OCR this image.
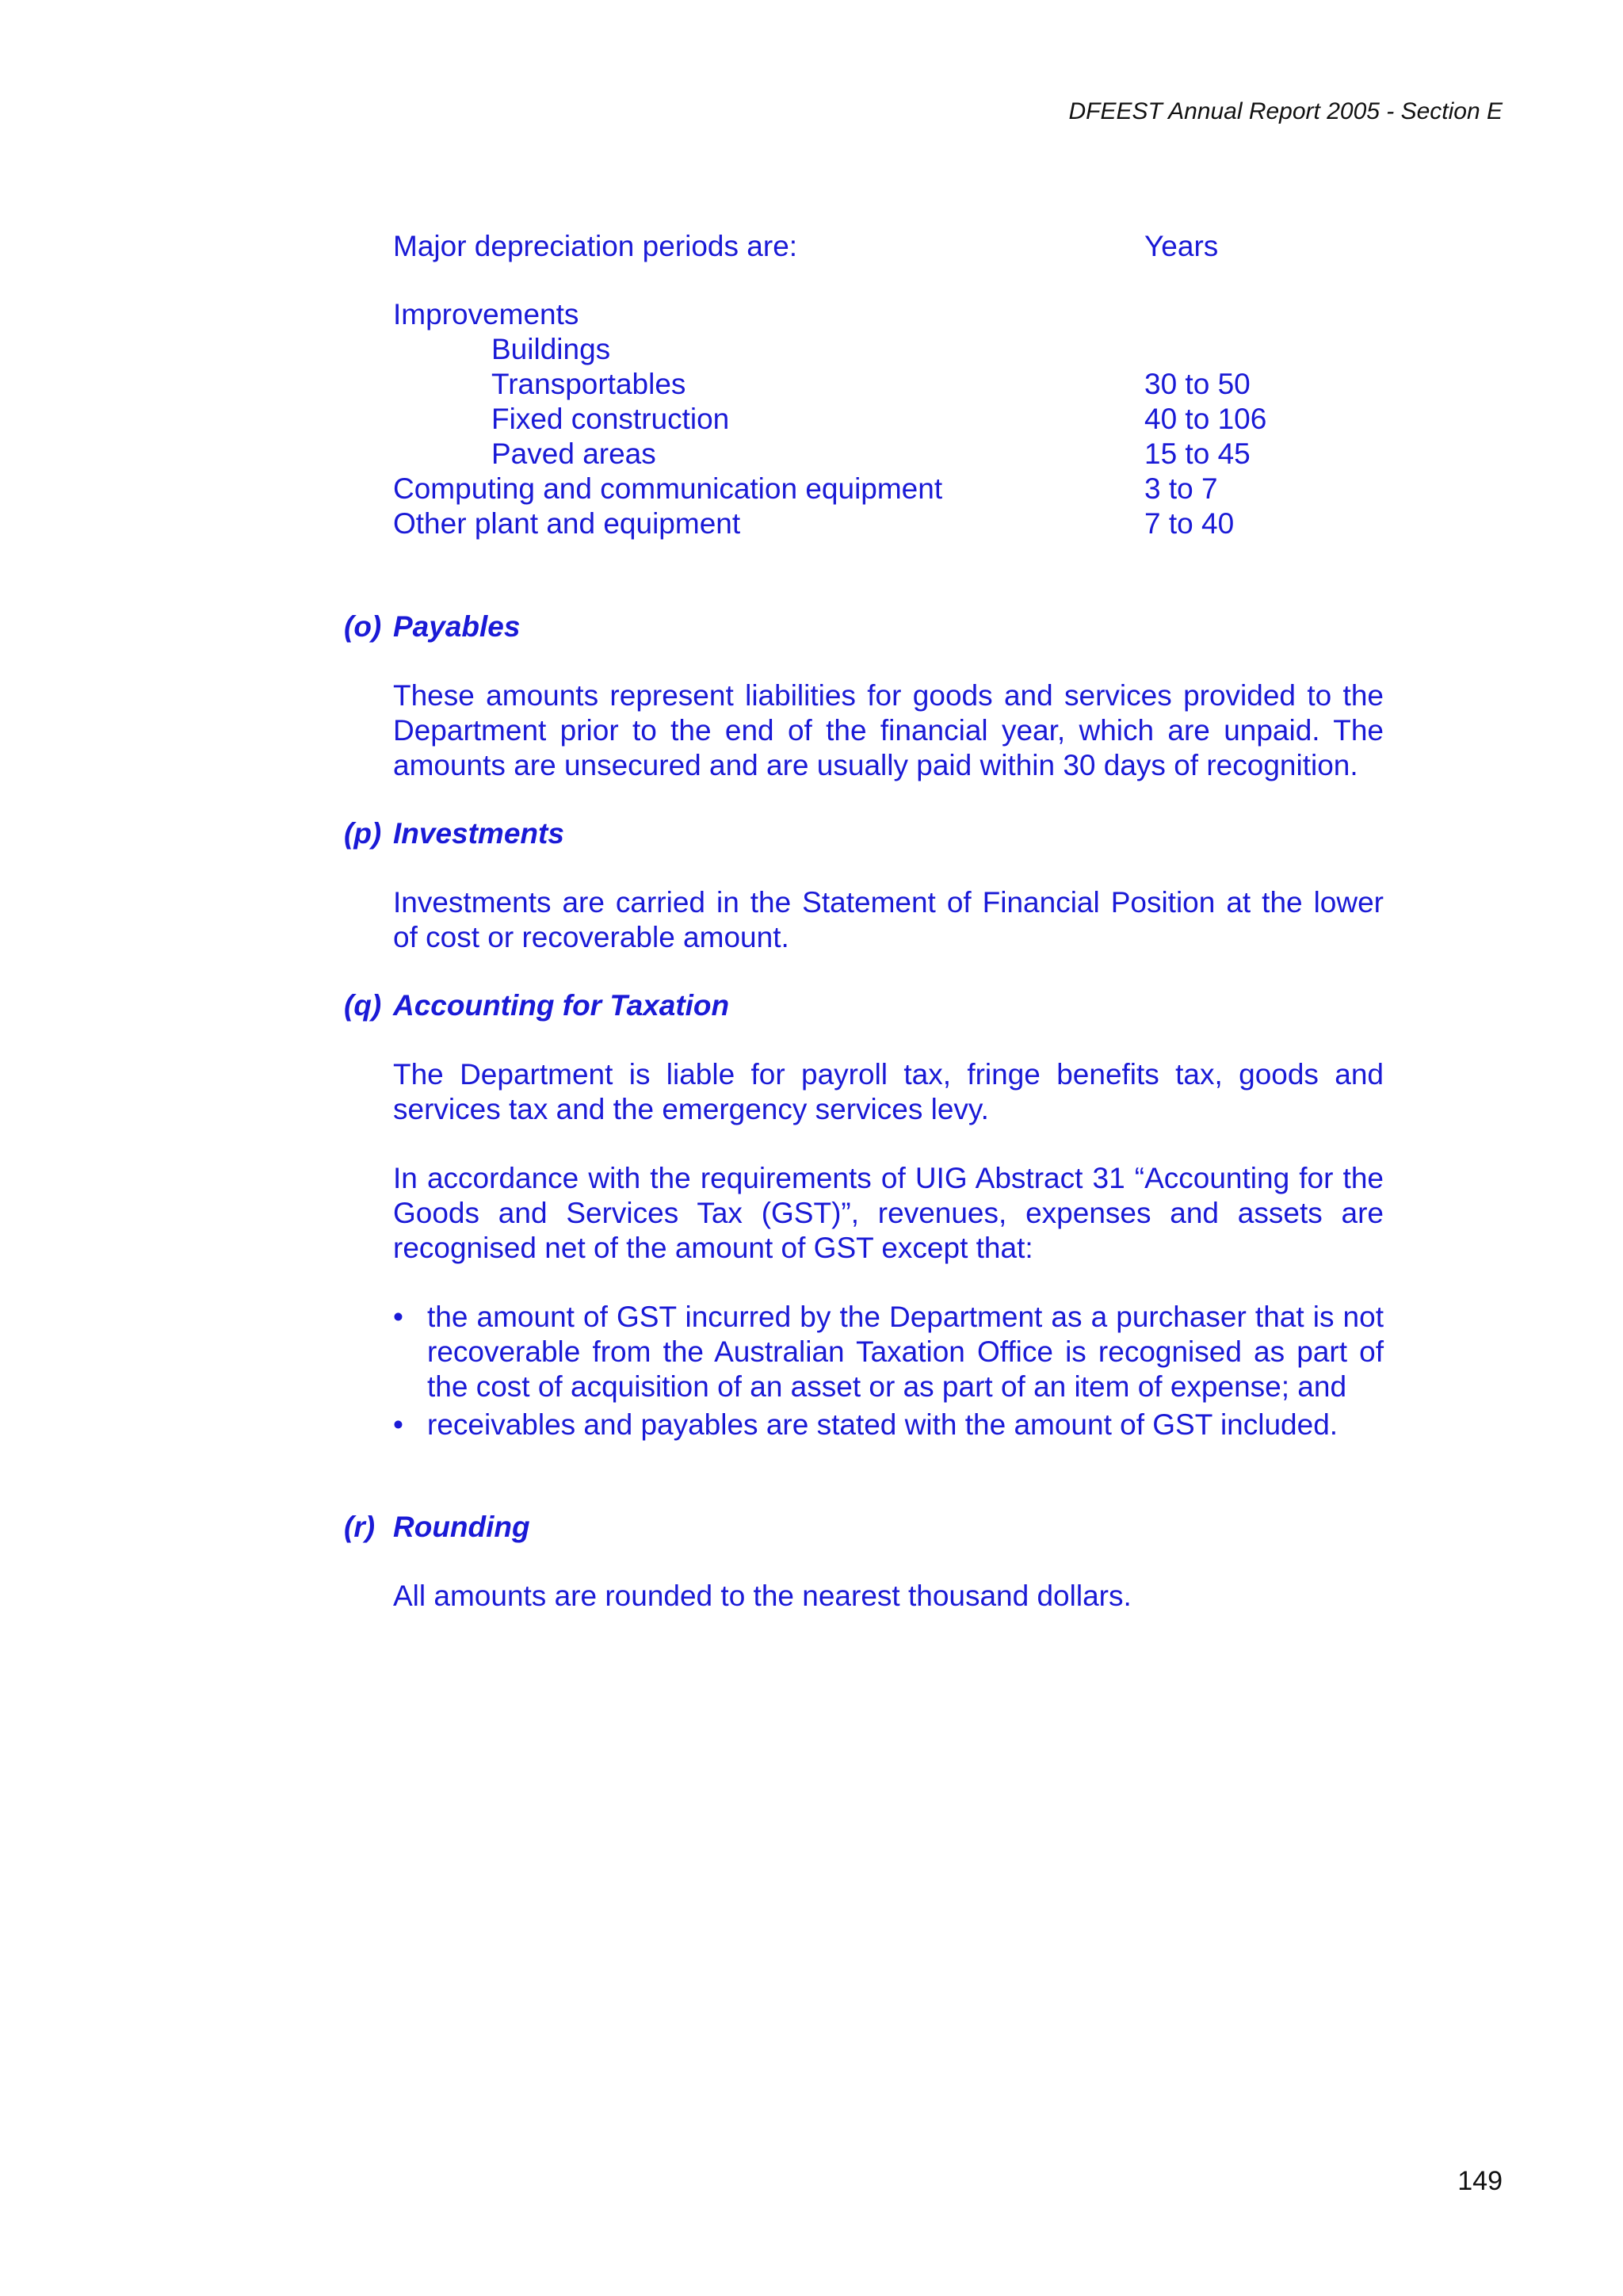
DFEEST Annual Report 2005 - Section E
Major depreciation periods are:	Years
Improvements
Buildings
Transportables	30 to 50
Fixed construction	40 to 106
Paved areas	15 to 45
Computing and communication equipment	3 to 7
Other plant and equipment	7 to 40
(o) Payables
These amounts represent liabilities for goods and services provided to the Department prior to the end of the financial year, which are unpaid. The amounts are unsecured and are usually paid within 30 days of recognition.
(p) Investments
Investments are carried in the Statement of Financial Position at the lower of cost or recoverable amount.
(q) Accounting for Taxation
The Department is liable for payroll tax, fringe benefits tax, goods and services tax and the emergency services levy.
In accordance with the requirements of UIG Abstract 31 “Accounting for the Goods and Services Tax (GST)”, revenues, expenses and assets are recognised net of the amount of GST except that:
• the amount of GST incurred by the Department as a purchaser that is not recoverable from the Australian Taxation Office is recognised as part of the cost of acquisition of an asset or as part of an item of expense; and
• receivables and payables are stated with the amount of GST included.
(r) Rounding
All amounts are rounded to the nearest thousand dollars.
149
